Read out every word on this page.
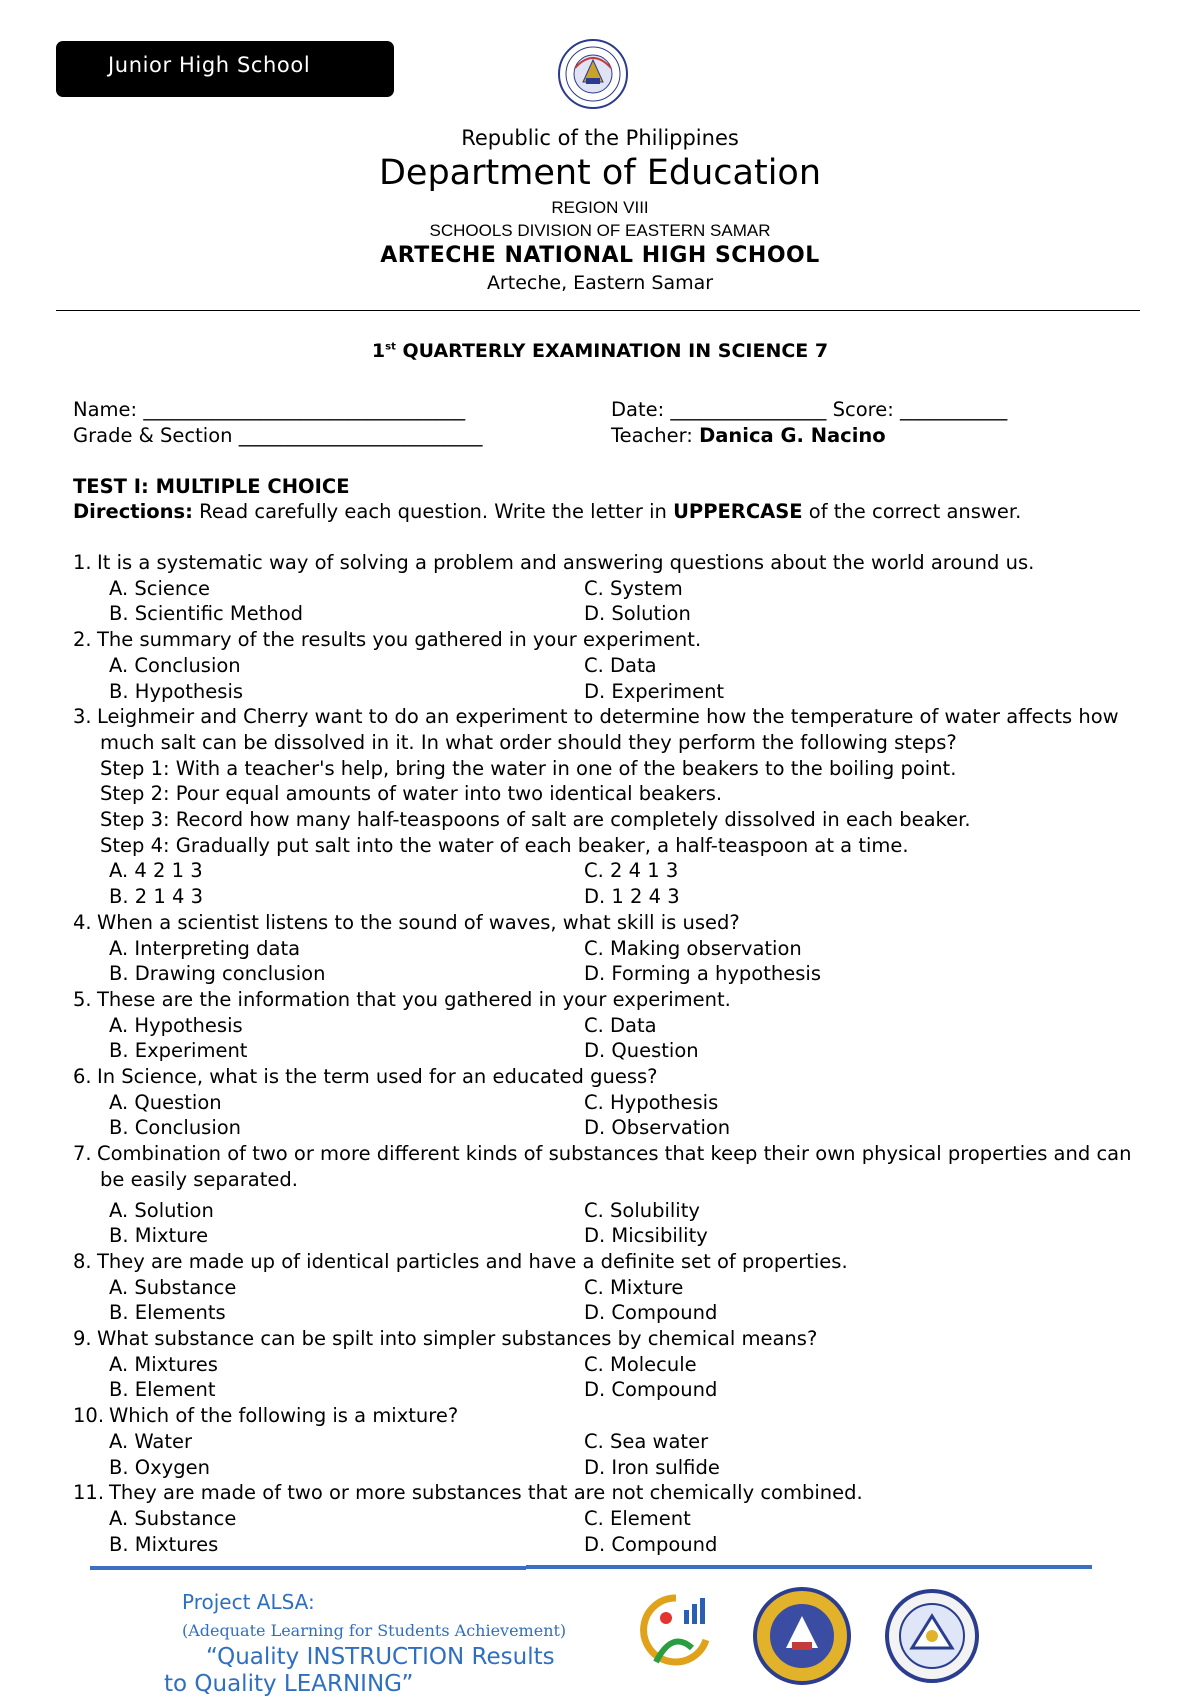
Junior High School
Republic of the Philippines
Department of Education
REGION VIII
SCHOOLS DIVISION OF EASTERN SAMAR
ARTECHE NATIONAL HIGH SCHOOL
Arteche, Eastern Samar
1st QUARTERLY EXAMINATION IN SCIENCE 7
Name: _________________________________	Date: ________________ Score: ___________
Grade & Section _________________________	Teacher: Danica G. Nacino
TEST I: MULTIPLE CHOICE
Directions: Read carefully each question. Write the letter in UPPERCASE of the correct answer.
1. It is a systematic way of solving a problem and answering questions about the world around us.
A. Science	C. System
B. Scientific Method	D. Solution
2. The summary of the results you gathered in your experiment.
A. Conclusion	C. Data
B. Hypothesis	D. Experiment
3. Leighmeir and Cherry want to do an experiment to determine how the temperature of water affects how
much salt can be dissolved in it. In what order should they perform the following steps?
Step 1: With a teacher's help, bring the water in one of the beakers to the boiling point.
Step 2: Pour equal amounts of water into two identical beakers.
Step 3: Record how many half-teaspoons of salt are completely dissolved in each beaker.
Step 4: Gradually put salt into the water of each beaker, a half-teaspoon at a time.
A. 4 2 1 3	C. 2 4 1 3
B. 2 1 4 3	D. 1 2 4 3
4. When a scientist listens to the sound of waves, what skill is used?
A. Interpreting data	C. Making observation
B. Drawing conclusion	D. Forming a hypothesis
5. These are the information that you gathered in your experiment.
A. Hypothesis	C. Data
B. Experiment	D. Question
6. In Science, what is the term used for an educated guess?
A. Question	C. Hypothesis
B. Conclusion	D. Observation
7. Combination of two or more different kinds of substances that keep their own physical properties and can
be easily separated.
A. Solution	C. Solubility
B. Mixture	D. Micsibility
8. They are made up of identical particles and have a definite set of properties.
A. Substance	C. Mixture
B. Elements	D. Compound
9. What substance can be spilt into simpler substances by chemical means?
A. Mixtures	C. Molecule
B. Element	D. Compound
10. Which of the following is a mixture?
A. Water	C. Sea water
B. Oxygen	D. Iron sulfide
11. They are made of two or more substances that are not chemically combined.
A. Substance	C. Element
B. Mixtures	D. Compound
Project ALSA:
(Adequate Learning for Students Achievement)
“Quality INSTRUCTION Results
to Quality LEARNING”
